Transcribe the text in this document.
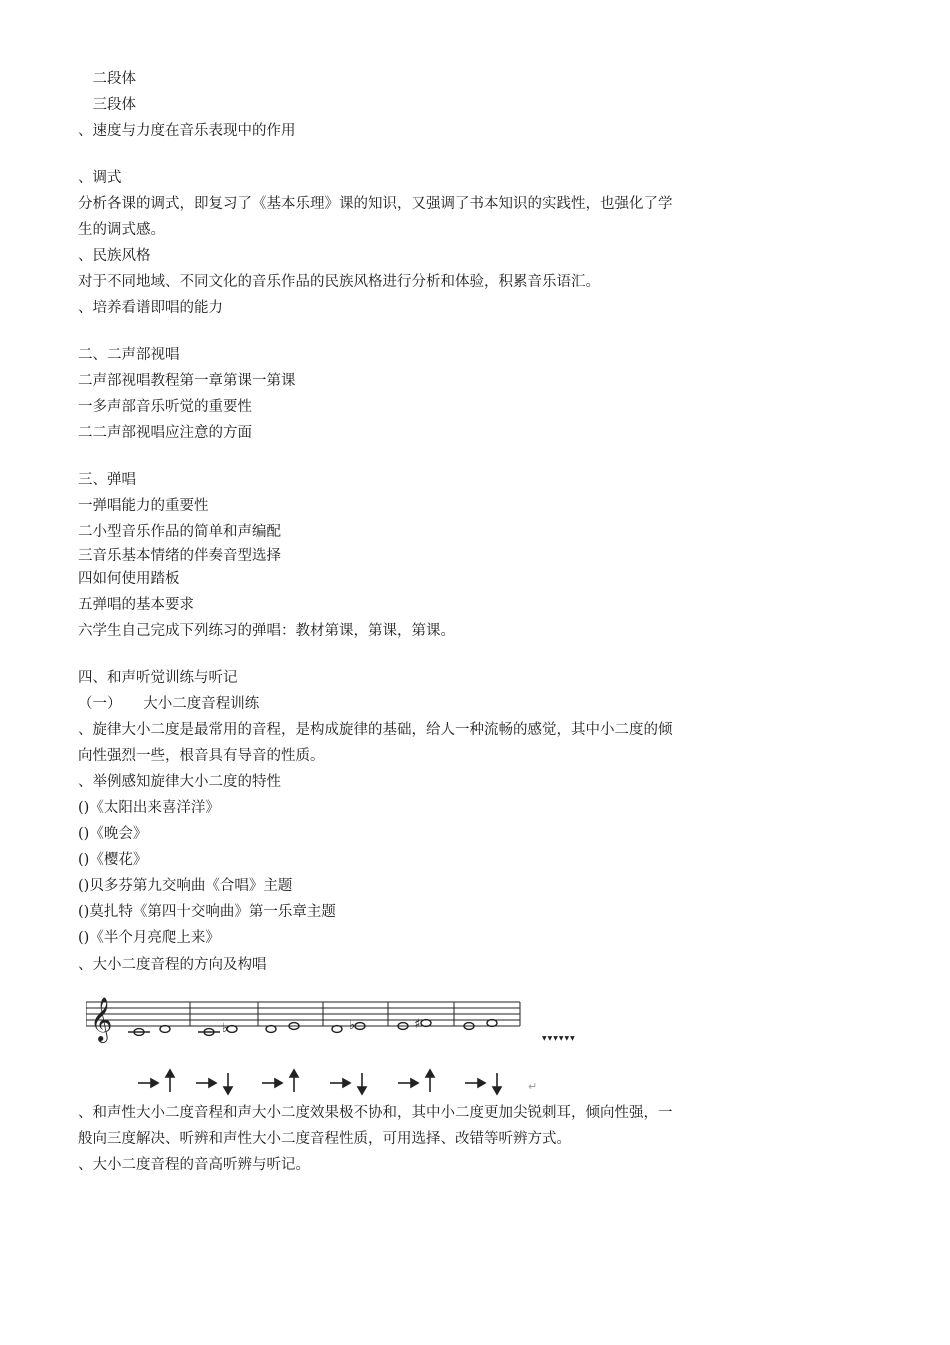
　二段体
　三段体
、速度与力度在音乐表现中的作用
、调式
分析各课的调式，即复习了《基本乐理》课的知识，又强调了书本知识的实践性，也强化了学
生的调式感。
、民族风格
对于不同地域、不同文化的音乐作品的民族风格进行分析和体验，积累音乐语汇。
、培养看谱即唱的能力
二、二声部视唱
二声部视唱教程第一章第课一第课
一多声部音乐听觉的重要性
二二声部视唱应注意的方面
三、弹唱
一弹唱能力的重要性
二小型音乐作品的简单和声编配
三音乐基本情绪的伴奏音型选择
四如何使用踏板
五弹唱的基本要求
六学生自己完成下列练习的弹唱：教材第课，第课，第课。
四、和声听觉训练与听记
（一）　　大小二度音程训练
、旋律大小二度是最常用的音程，是构成旋律的基础，给人一种流畅的感觉，其中小二度的倾
向性强烈一些，根音具有导音的性质。
、举例感知旋律大小二度的特性
()《太阳出来喜洋洋》
()《晚会》
()《樱花》
()贝多芬第九交响曲《合唱》主题
()莫扎特《第四十交响曲》第一乐章主题
()《半个月亮爬上来》
、大小二度音程的方向及构唱
、和声性大小二度音程和声大小二度效果极不协和，其中小二度更加尖锐刺耳，倾向性强，一
般向三度解决、听辨和声性大小二度音程性质，可用选择、改错等听辨方式。
、大小二度音程的音高听辨与听记。
𝄞	♭	♭	♯
▼▼▼▼▼▼
↵
